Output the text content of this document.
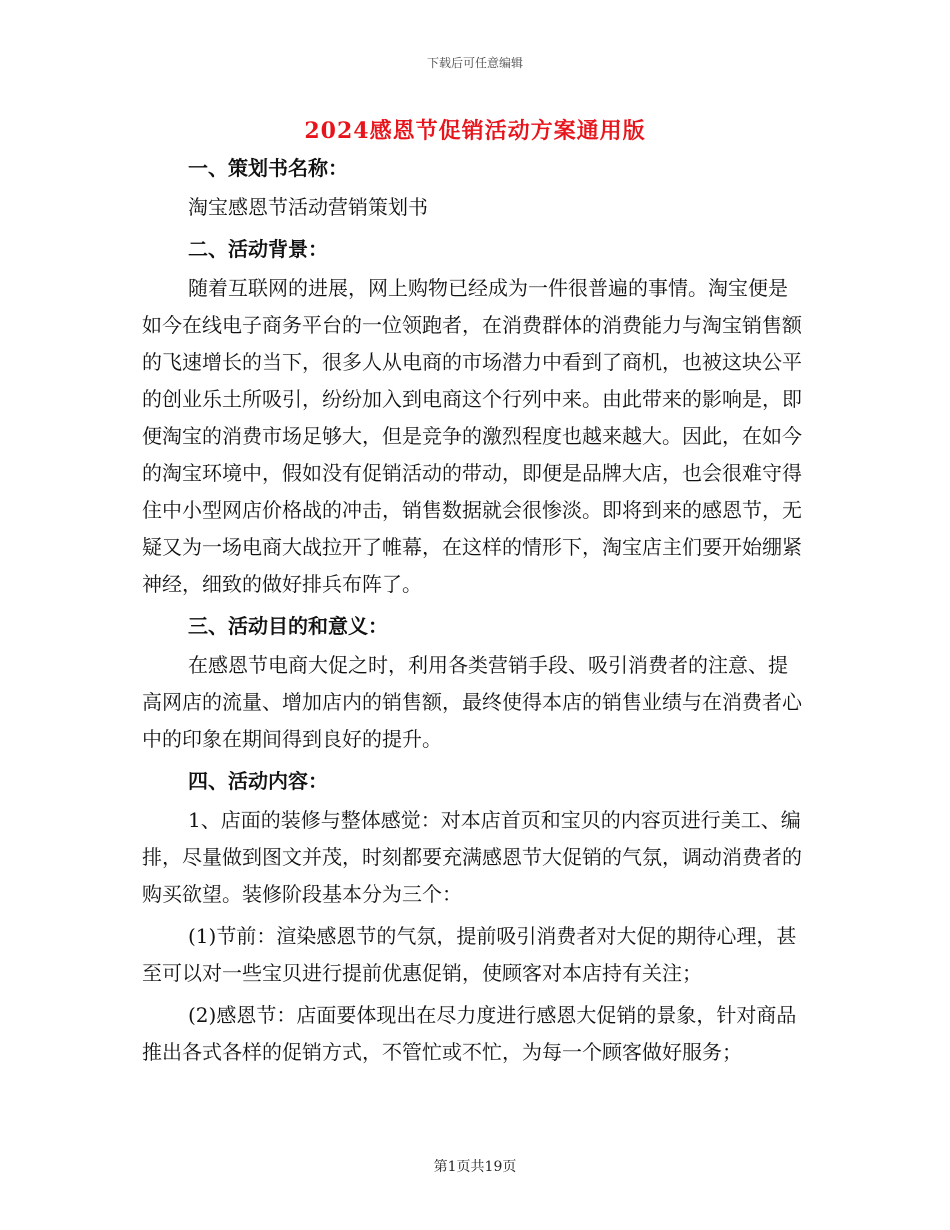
下载后可任意编辑
2024感恩节促销活动方案通用版

一、策划书名称：

淘宝感恩节活动营销策划书

二、活动背景：

随着互联网的进展，网上购物已经成为一件很普遍的事情。淘宝便是如今在线电子商务平台的一位领跑者，在消费群体的消费能力与淘宝销售额的飞速增长的当下，很多人从电商的市场潜力中看到了商机，也被这块公平的创业乐土所吸引，纷纷加入到电商这个行列中来。由此带来的影响是，即便淘宝的消费市场足够大，但是竞争的激烈程度也越来越大。因此，在如今的淘宝环境中，假如没有促销活动的带动，即便是品牌大店，也会很难守得住中小型网店价格战的冲击，销售数据就会很惨淡。即将到来的感恩节，无疑又为一场电商大战拉开了帷幕，在这样的情形下，淘宝店主们要开始绷紧神经，细致的做好排兵布阵了。

三、活动目的和意义：

在感恩节电商大促之时，利用各类营销手段、吸引消费者的注意、提高网店的流量、增加店内的销售额，最终使得本店的销售业绩与在消费者心中的印象在期间得到良好的提升。

四、活动内容：

1、店面的装修与整体感觉：对本店首页和宝贝的内容页进行美工、编排，尽量做到图文并茂，时刻都要充满感恩节大促销的气氛，调动消费者的购买欲望。装修阶段基本分为三个：

(1)节前：渲染感恩节的气氛，提前吸引消费者对大促的期待心理，甚至可以对一些宝贝进行提前优惠促销，使顾客对本店持有关注；

(2)感恩节：店面要体现出在尽力度进行感恩大促销的景象，针对商品推出各式各样的促销方式，不管忙或不忙，为每一个顾客做好服务；

第1页共19页
